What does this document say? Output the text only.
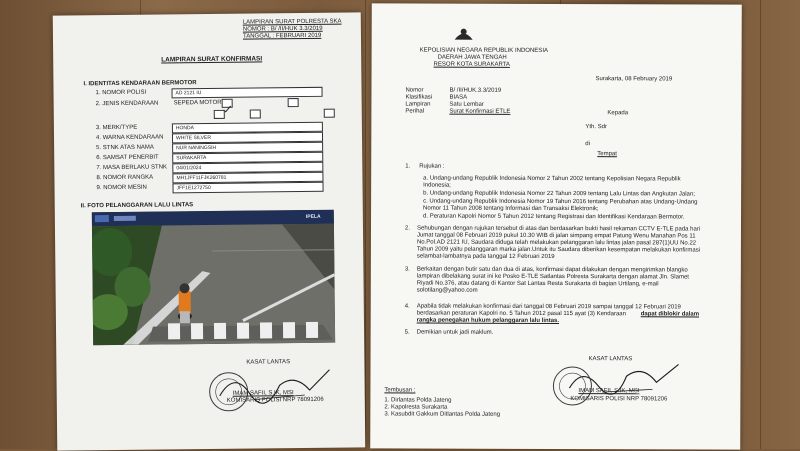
LAMPIRAN SURAT POLRESTA SKA
NOMOR : B/ /II/HUK 3.3/2019
TANGGAL : FEBRUARI 2019
LAMPIRAN SURAT KONFIRMASI
I. IDENTITAS KENDARAAN BERMOTOR
1. NOMOR POLISI	AD 2121 IU
2. JENIS KENDARAAN	SEPEDA MOTOR
3. MERK/TYPE	HONDA
4. WARNA KENDARAAN	WHITE SILVER
5. STNK ATAS NAMA	NUR NANINGSIH
6. SAMSAT PENERBIT	SURAKARTA
7. MASA BERLAKU STNK	04/01/2024
8. NOMOR RANGKA	MH1JFF11FJK260781
9. NOMOR MESIN	JFF1E1272750
II. FOTO PELANGGARAN LALU LINTAS
IPELA
KASAT LANTAS
IMAM SAFII, S.IK, MSI
KOMISARIS POLISI NRP 78091206
KEPOLISIAN NEGARA REPUBLIK INDONESIA
DAERAH JAWA TENGAH
RESOR KOTA SURAKARTA
Surakarta, 08 February 2019
Nomor	B/ /II/HUK.3.3/2019
Klasifikasi	BIASA
Lampiran	Satu Lembar
Perihal	Surat Konfirmasi ETLE	Kepada
Yth. Sdr
di
Tempat
1. Rujukan :
a. Undang-undang Republik Indonesia Nomor 2 Tahun 2002 tentang Kepolisian Negara Republik
Indonesia;
b. Undang-undang Republik Indonesia Nomor 22 Tahun 2009 tentang Lalu Lintas dan Angkutan Jalan;
c. Undang-undang Republik Indonesia Nomor 19 Tahun 2016 tentang Perubahan atas Undang-Undang
Nomor 11 Tahun 2008 tentang Informasi dan Transaksi Elektronik;
d. Peraturan Kapolri Nomor 5 Tahun 2012 tentang Registrasi dan Identifikasi Kendaraan Bermotor.
2. Sehubungan dengan rujukan tersebut di atas dan berdasarkan bukti hasil rekaman CCTV E-TLE pada hari
Jumat tanggal 08 Februari 2019 pukul 10.30 WIB di jalan simpang empat Patung Wenu Manahan Pos 11
No.Pol.AD 2121 IU, Saudara diduga telah melakukan pelanggaran lalu lintas jalan pasal 287(1)UU No.22
Tahun 2009 yaitu pelanggaran marka jalan.Untuk itu Saudara diberikan kesempatan melakukan konfirmasi
selambat-lambatnya pada tanggal 12 Februari 2019
3. Berkaitan dengan butir satu dan dua di atas, konfirmasi dapat dilakukan dengan mengirimkan blangko
lampiran dibelakang surat ini ke Posko E-TLE Satlantas Polresta Surakarta dengan alamat Jln. Slamet
Riyadi No.376, atau datang di Kantor Sat Lantas Resta Surakarta di bagian Urtilang, e-mail
solotilang@yahoo.com
4. Apabila tidak melakukan konfirmasi dari tanggal 08 Februari 2019 sampai tanggal 12 Februari 2019
berdasarkan peraturan Kapolri no. 5 Tahun 2012 pasal 115 ayat (3) Kendaraan dapat diblokir dalam
rangka penegakan hukum pelanggaran lalu lintas.
5. Demikian untuk jadi maklum.
KASAT LANTAS
IMAM SAFII, S.IK, MSI
KOMISARIS POLISI NRP 78091206
Tembusan :
1. Dirlantas Polda Jateng
2. Kapolresta Surakarta
3. Kasubdit Gakkum Ditlantas Polda Jateng
